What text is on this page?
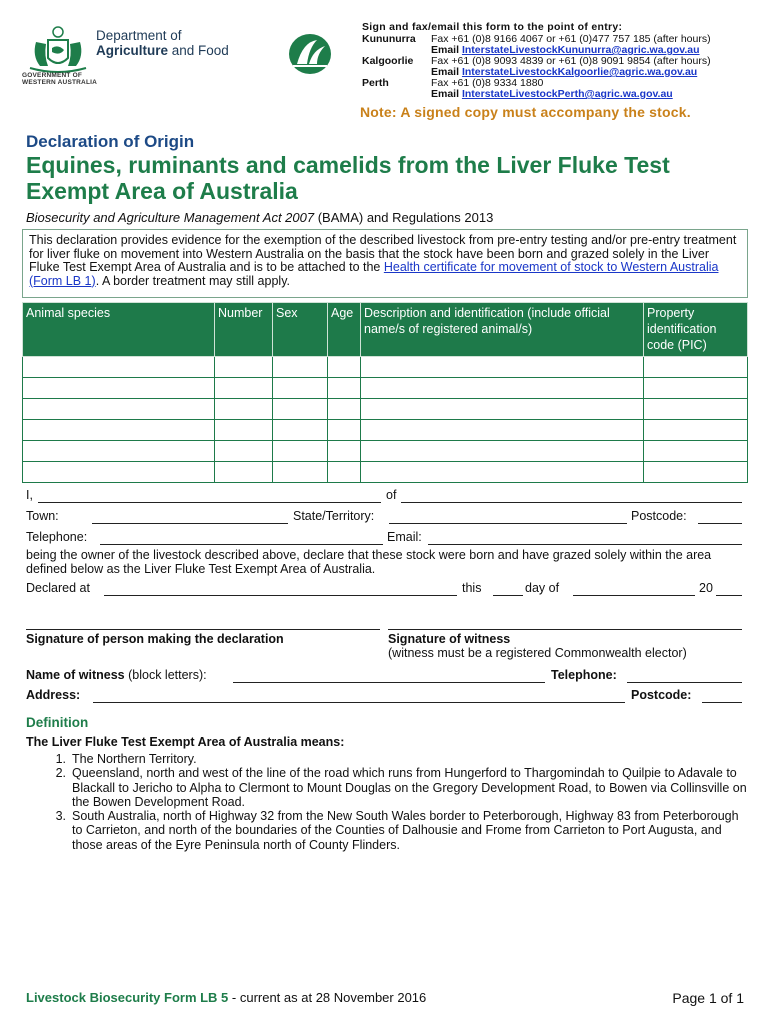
Department of
Agriculture and Food
GOVERNMENT OF
WESTERN AUSTRALIA
Sign and fax/email this form to the point of entry:
Kununurra	Fax +61 (0)8 9166 4067 or +61 (0)477 757 185 (after hours)
Email InterstateLivestockKununurra@agric.wa.gov.au
Kalgoorlie	Fax +61 (0)8 9093 4839 or +61 (0)8 9091 9854 (after hours)
Email InterstateLivestockKalgoorlie@agric.wa.gov.au
Perth	Fax +61 (0)8 9334 1880
Email InterstateLivestockPerth@agric.wa.gov.au
Note: A signed copy must accompany the stock.
Declaration of Origin
Equines, ruminants and camelids from the Liver Fluke Test Exempt Area of Australia
Biosecurity and Agriculture Management Act 2007 (BAMA) and Regulations 2013
This declaration provides evidence for the exemption of the described livestock from pre-entry testing and/or pre-entry treatment for liver fluke on movement into Western Australia on the basis that the stock have been born and grazed solely in the Liver Fluke Test Exempt Area of Australia and is to be attached to the Health certificate for movement of stock to Western Australia (Form LB 1). A border treatment may still apply.
Animal species	Number	Sex	Age	Description and identification (include official name/s of registered animal/s)	Property identification code (PIC)

I,	of
Town:	State/Territory:	Postcode:
Telephone:	Email:
being the owner of the livestock described above, declare that these stock were born and have grazed solely within the area defined below as the Liver Fluke Test Exempt Area of Australia.
Declared at	this	day of	20
Signature of person making the declaration	Signature of witness
(witness must be a registered Commonwealth elector)
Name of witness (block letters):	Telephone:
Address:	Postcode:
Definition
The Liver Fluke Test Exempt Area of Australia means:
1. The Northern Territory.
2. Queensland, north and west of the line of the road which runs from Hungerford to Thargomindah to Quilpie to Adavale to Blackall to Jericho to Alpha to Clermont to Mount Douglas on the Gregory Development Road, to Bowen via Collinsville on the Bowen Development Road.
3. South Australia, north of Highway 32 from the New South Wales border to Peterborough, Highway 83 from Peterborough to Carrieton, and north of the boundaries of the Counties of Dalhousie and Frome from Carrieton to Port Augusta, and those areas of the Eyre Peninsula north of County Flinders.
Livestock Biosecurity Form LB 5 - current as at 28 November 2016	Page 1 of 1
